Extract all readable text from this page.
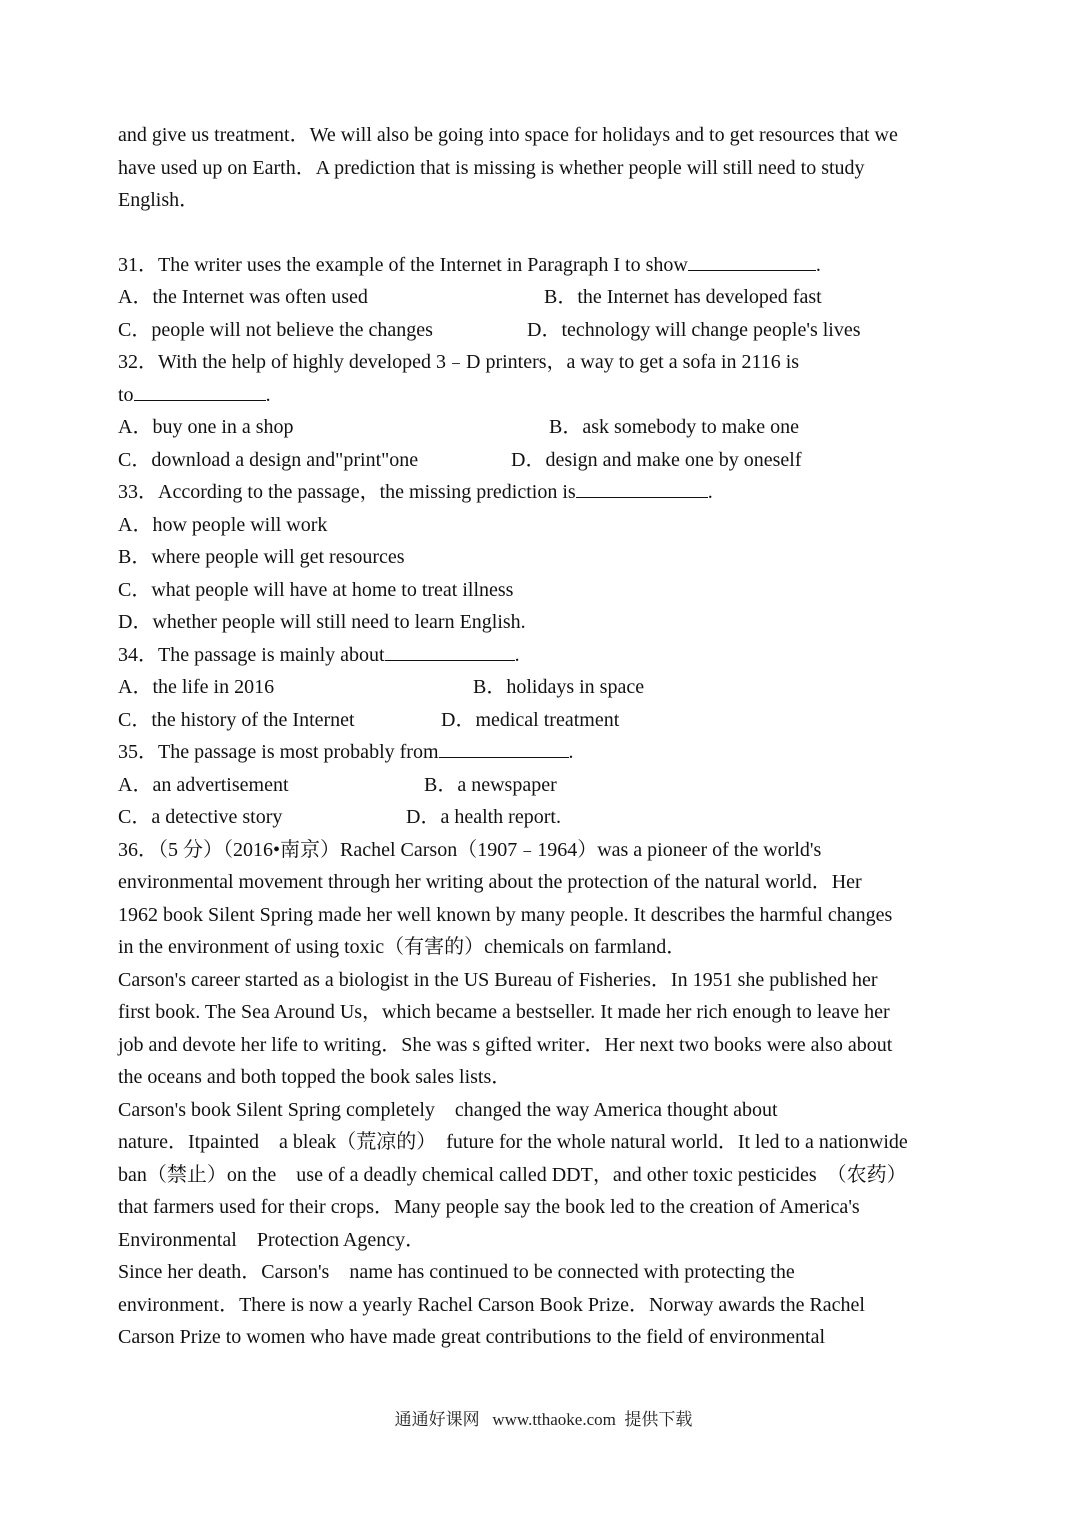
and give us treatment．We will also be going into space for holidays and to get resources that we
have used up on Earth．A prediction that is missing is whether people will still need to study
English．
31．The writer uses the example of the Internet in Paragraph I to show	.
A．the Internet was often used	B．the Internet has developed fast
C．people will not believe the changes	D．technology will change people's lives
32．With the help of highly developed 3﹣D printers，a way to get a sofa in 2116 is
to	.
A．buy one in a shop	B．ask somebody to make one
C．download a design and"print"one	D．design and make one by oneself
33．According to the passage，the missing prediction is	.
A．how people will work
B．where people will get resources
C．what people will have at home to treat illness
D．whether people will still need to learn English.
34．The passage is mainly about	.
A．the life in 2016	B．holidays in space
C．the history of the Internet	D．medical treatment
35．The passage is most probably from	.
A．an advertisement	B．a newspaper
C．a detective story	D．a health report.
36．（5 分）（2016•南京）Rachel Carson（1907﹣1964）was a pioneer of the world's
environmental movement through her writing about the protection of the natural world．Her
1962 book Silent Spring made her well known by many people. It describes the harmful changes
in the environment of using toxic（有害的）chemicals on farmland．
Carson's career started as a biologist in the US Bureau of Fisheries．In 1951 she published her
first book. The Sea Around Us，which became a bestseller. It made her rich enough to leave her
job and devote her life to writing．She was s gifted writer．Her next two books were also about
the oceans and both topped the book sales lists．
Carson's book Silent Spring completely    changed the way America thought about
nature．Itpainted    a bleak（荒凉的）  future for the whole natural world．It led to a nationwide
ban（禁止）on the    use of a deadly chemical called DDT，and other toxic pesticides  （农药）
that farmers used for their crops．Many people say the book led to the creation of America's
Environmental    Protection Agency．
Since her death．Carson's    name has continued to be connected with protecting the
environment．There is now a yearly Rachel Carson Book Prize．Norway awards the Rachel
Carson Prize to women who have made great contributions to the field of environmental
通通好课网   www.tthaoke.com  提供下载
